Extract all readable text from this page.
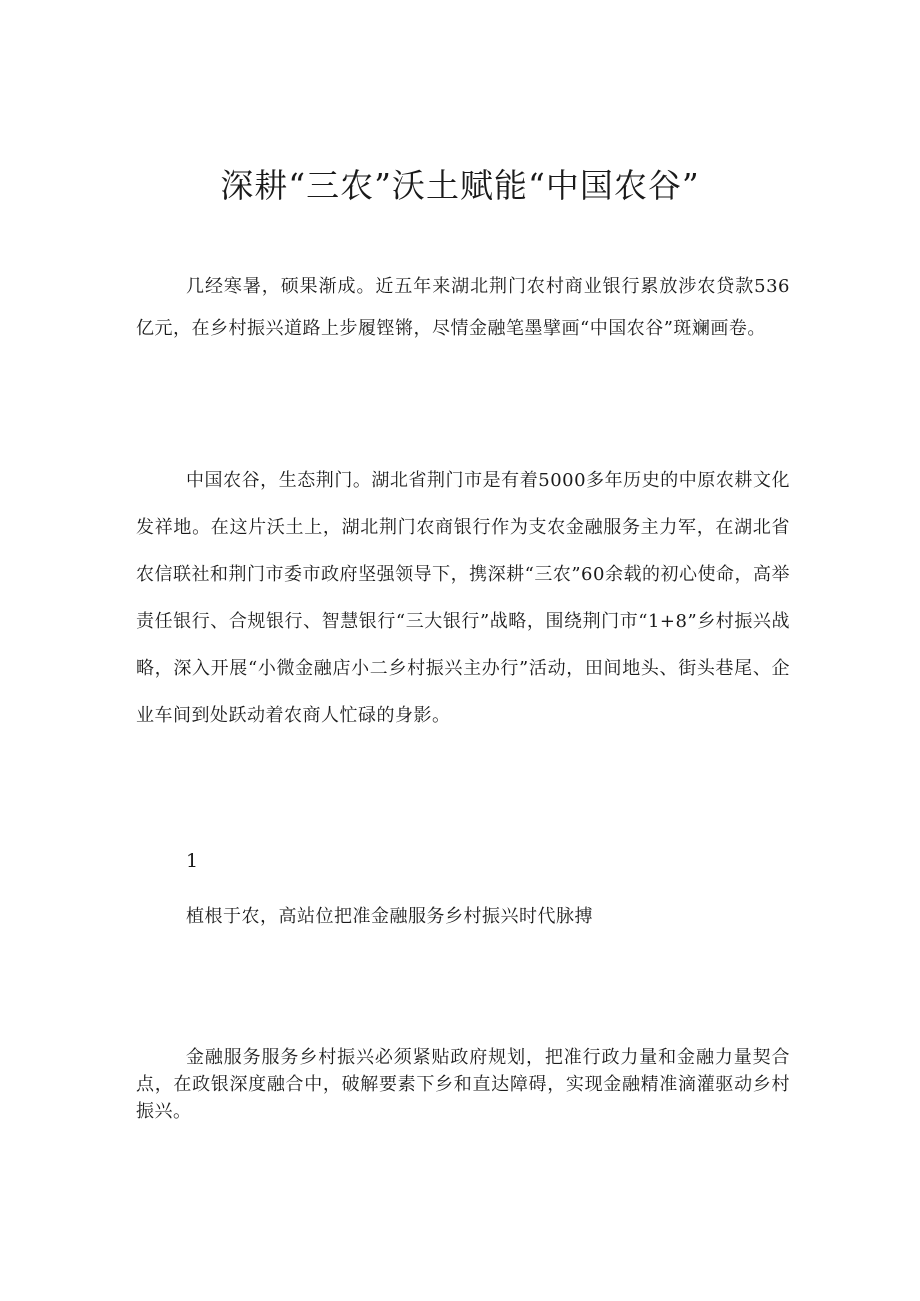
深耕“三农”沃土赋能“中国农谷”

几经寒暑，硕果渐成。近五年来湖北荆门农村商业银行累放涉农贷款536亿元，在乡村振兴道路上步履铿锵，尽情金融笔墨擘画“中国农谷”斑斓画卷。

中国农谷，生态荆门。湖北省荆门市是有着5000多年历史的中原农耕文化发祥地。在这片沃土上，湖北荆门农商银行作为支农金融服务主力军，在湖北省农信联社和荆门市委市政府坚强领导下，携深耕“三农”60余载的初心使命，高举责任银行、合规银行、智慧银行“三大银行”战略，围绕荆门市“1+8”乡村振兴战略，深入开展“小微金融店小二乡村振兴主办行”活动，田间地头、街头巷尾、企业车间到处跃动着农商人忙碌的身影。

1

植根于农，高站位把准金融服务乡村振兴时代脉搏

金融服务服务乡村振兴必须紧贴政府规划，把准行政力量和金融力量契合点，在政银深度融合中，破解要素下乡和直达障碍，实现金融精准滴灌驱动乡村振兴。
